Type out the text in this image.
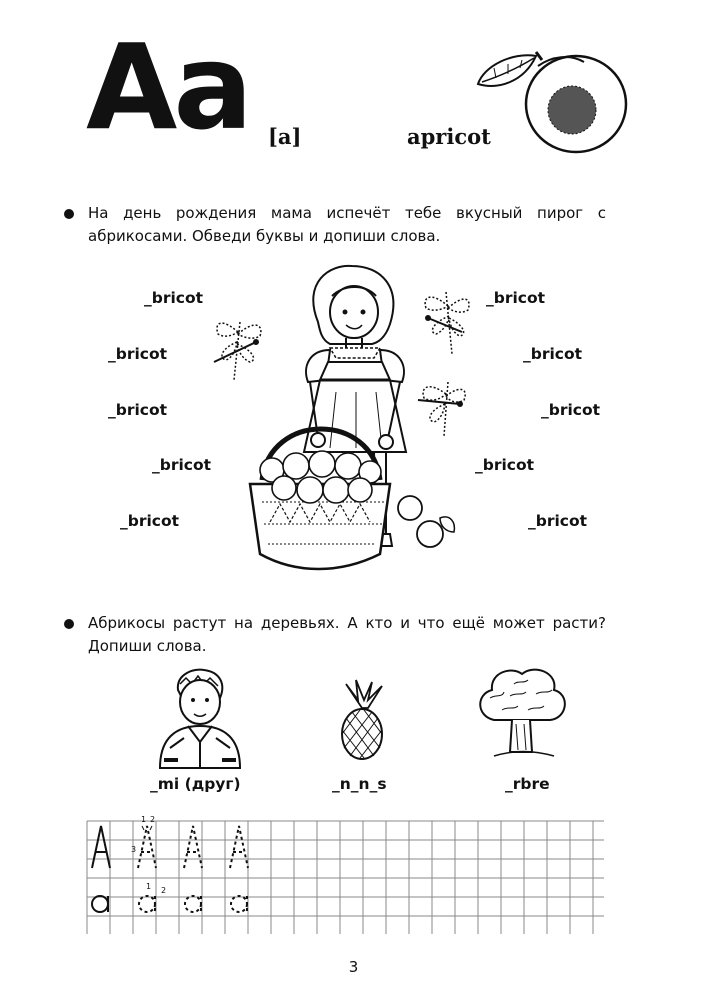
Aa [a]	apricot
На день рождения мама испечёт тебе вкусный пирог с
абрикосами. Обведи буквы и допиши слова.
_bricot
_bricot
_bricot
_bricot
_bricot
_bricot
_bricot
_bricot
_bricot
_bricot
Абрикосы растут на деревьях. А кто и что ещё может расти?
Допиши слова.
_mi (друг)	_n_n_s	_rbre
1 2
3
1 2
3
